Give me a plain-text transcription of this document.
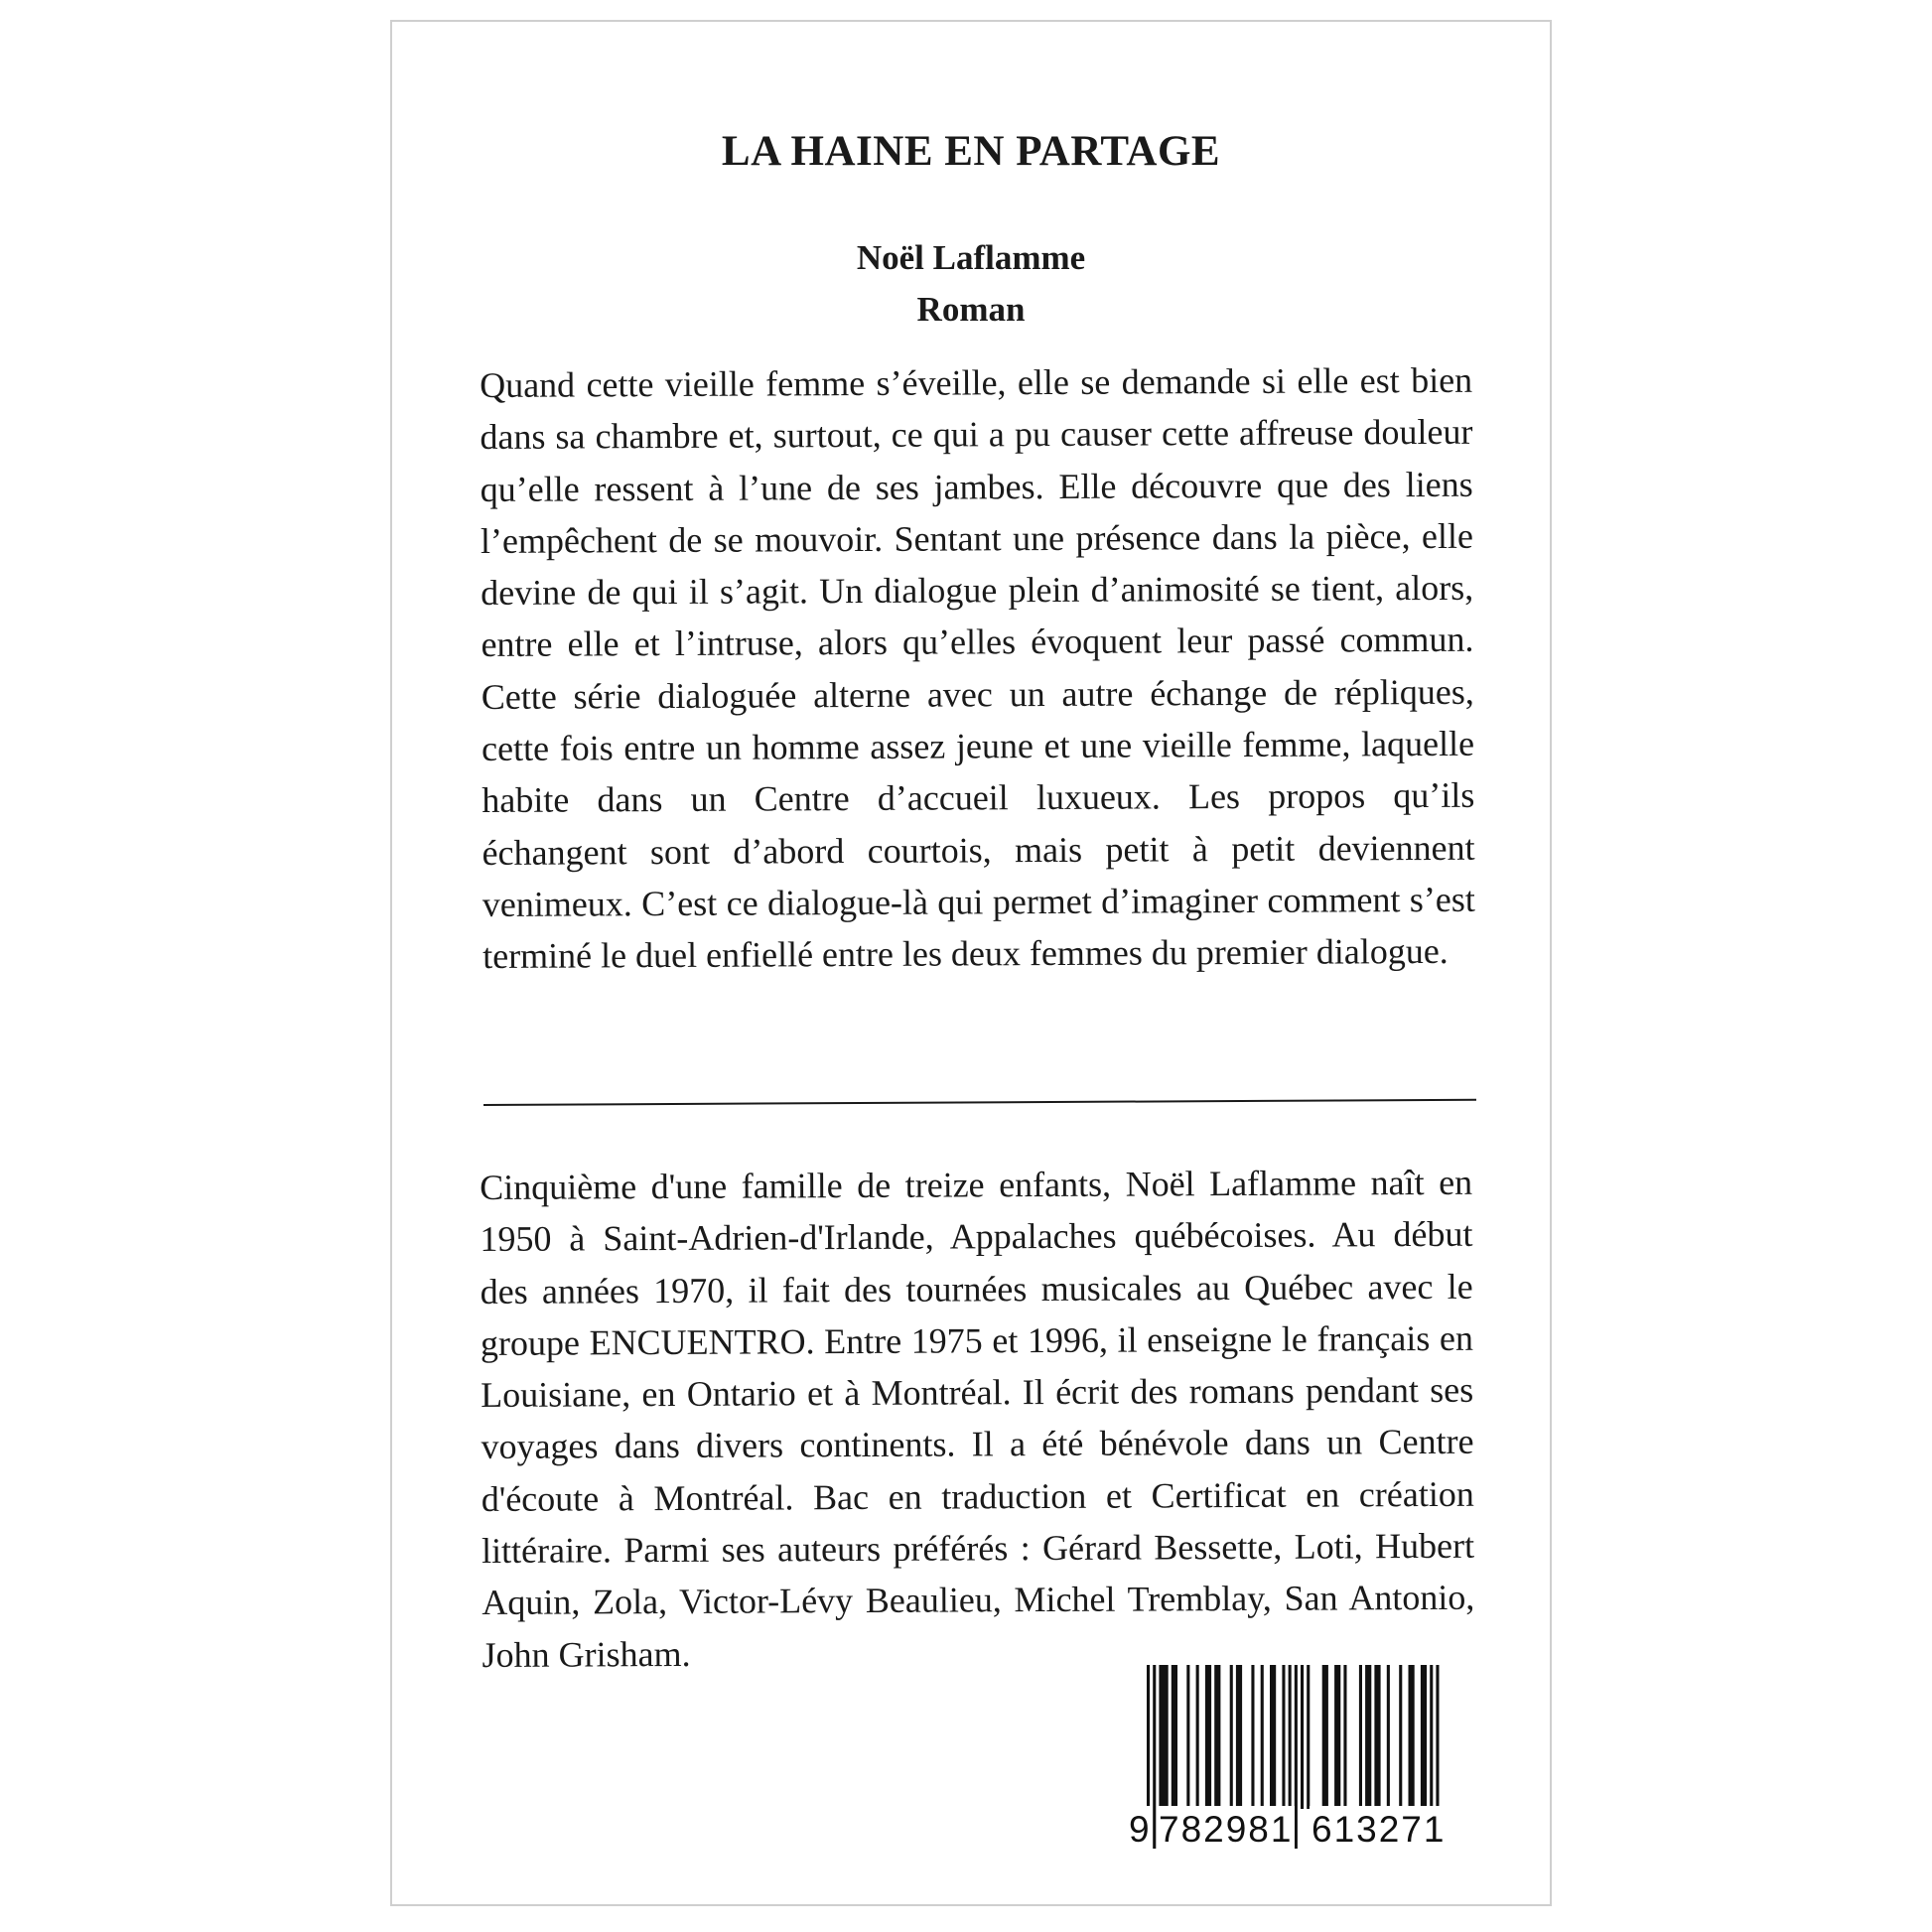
LA HAINE EN PARTAGE
Noël Laflamme
Roman

Quand cette vieille femme s’éveille, elle se demande si elle est bien dans sa chambre et, surtout, ce qui a pu causer cette affreuse douleur qu’elle ressent à l’une de ses jambes. Elle découvre que des liens l’empêchent de se mouvoir. Sentant une présence dans la pièce, elle devine de qui il s’agit. Un dialogue plein d’animosité se tient, alors, entre elle et l’intruse, alors qu’elles évoquent leur passé commun. Cette série dialoguée alterne avec un autre échange de répliques, cette fois entre un homme assez jeune et une vieille femme, laquelle habite dans un Centre d’accueil luxueux. Les propos qu’ils échangent sont d’abord courtois, mais petit à petit deviennent venimeux. C’est ce dialogue-là qui permet d’imaginer comment s’est terminé le duel enfiellé entre les deux femmes du premier dialogue.

Cinquième d'une famille de treize enfants, Noël Laflamme naît en 1950 à Saint-Adrien-d'Irlande, Appalaches québécoises. Au début des années 1970, il fait des tournées musicales au Québec avec le groupe ENCUENTRO. Entre 1975 et 1996, il enseigne le français en Louisiane, en Ontario et à Montréal. Il écrit des romans pendant ses voyages dans divers continents. Il a été bénévole dans un Centre d'écoute à Montréal. Bac en traduction et Certificat en création littéraire. Parmi ses auteurs préférés : Gérard Bessette, Loti, Hubert Aquin, Zola, Victor-Lévy Beaulieu, Michel Tremblay, San Antonio, John Grisham.

9 782981 613271
